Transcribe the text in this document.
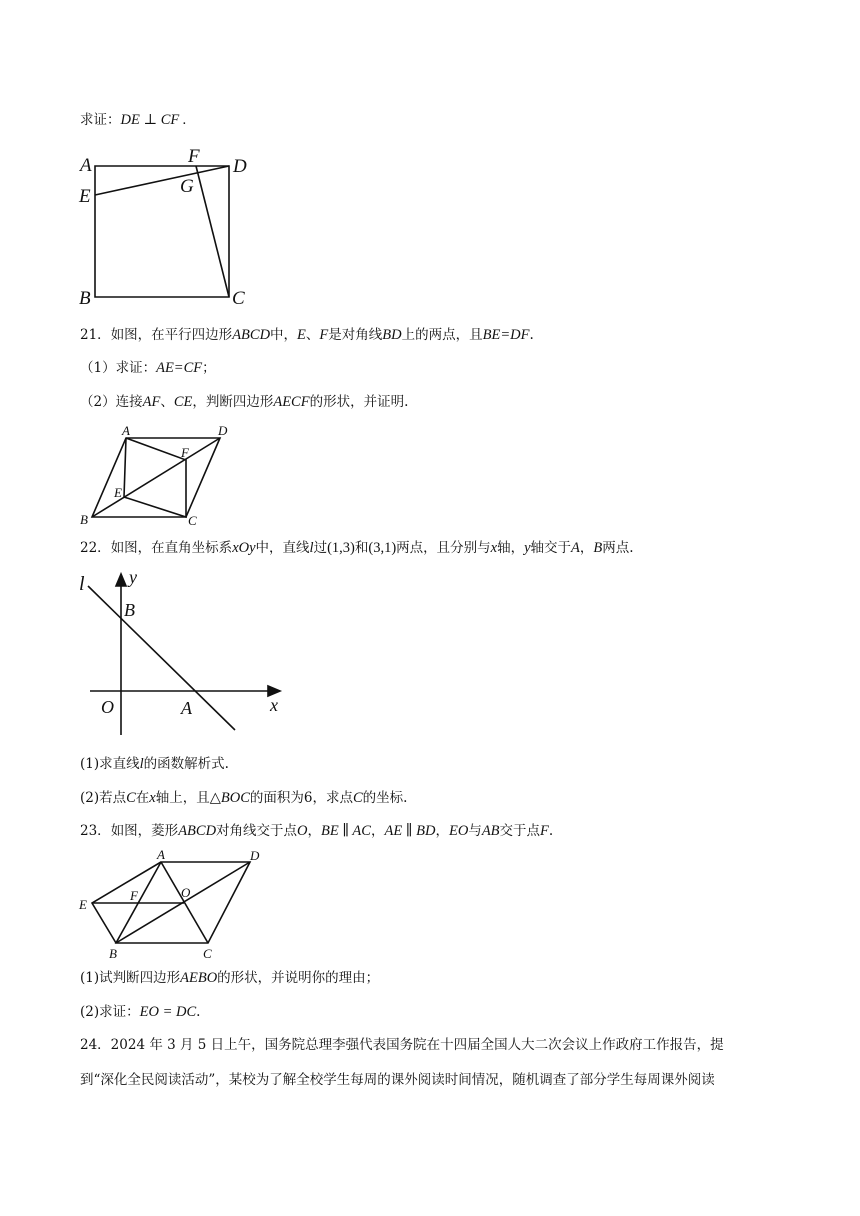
求证：DE ⊥ CF .
A
E
F
G
D
B	C
21．如图，在平行四边形ABCD中，E、F是对角线BD上的两点，且BE=DF.
（1）求证：AE=CF；
（2）连接AF、CE，判断四边形AECF的形状，并证明.
A	D
F
E
B	C
22．如图，在直角坐标系xOy中，直线l过(1,3)和(3,1)两点，且分别与x轴，y轴交于A，B两点.
l y
B
O	A	x
(1)求直线l的函数解析式.
(2)若点C在x轴上，且△BOC的面积为6，求点C的坐标.
23．如图，菱形ABCD对角线交于点O，BE ∥ AC，AE ∥ BD，EO与AB交于点F.
A	D
E
F	O
B	C
(1)试判断四边形AEBO的形状，并说明你的理由；
(2)求证：EO = DC.
24．2024 年 3 月 5 日上午，国务院总理李强代表国务院在十四届全国人大二次会议上作政府工作报告，提
到“深化全民阅读活动”，某校为了解全校学生每周的课外阅读时间情况，随机调查了部分学生每周课外阅读
